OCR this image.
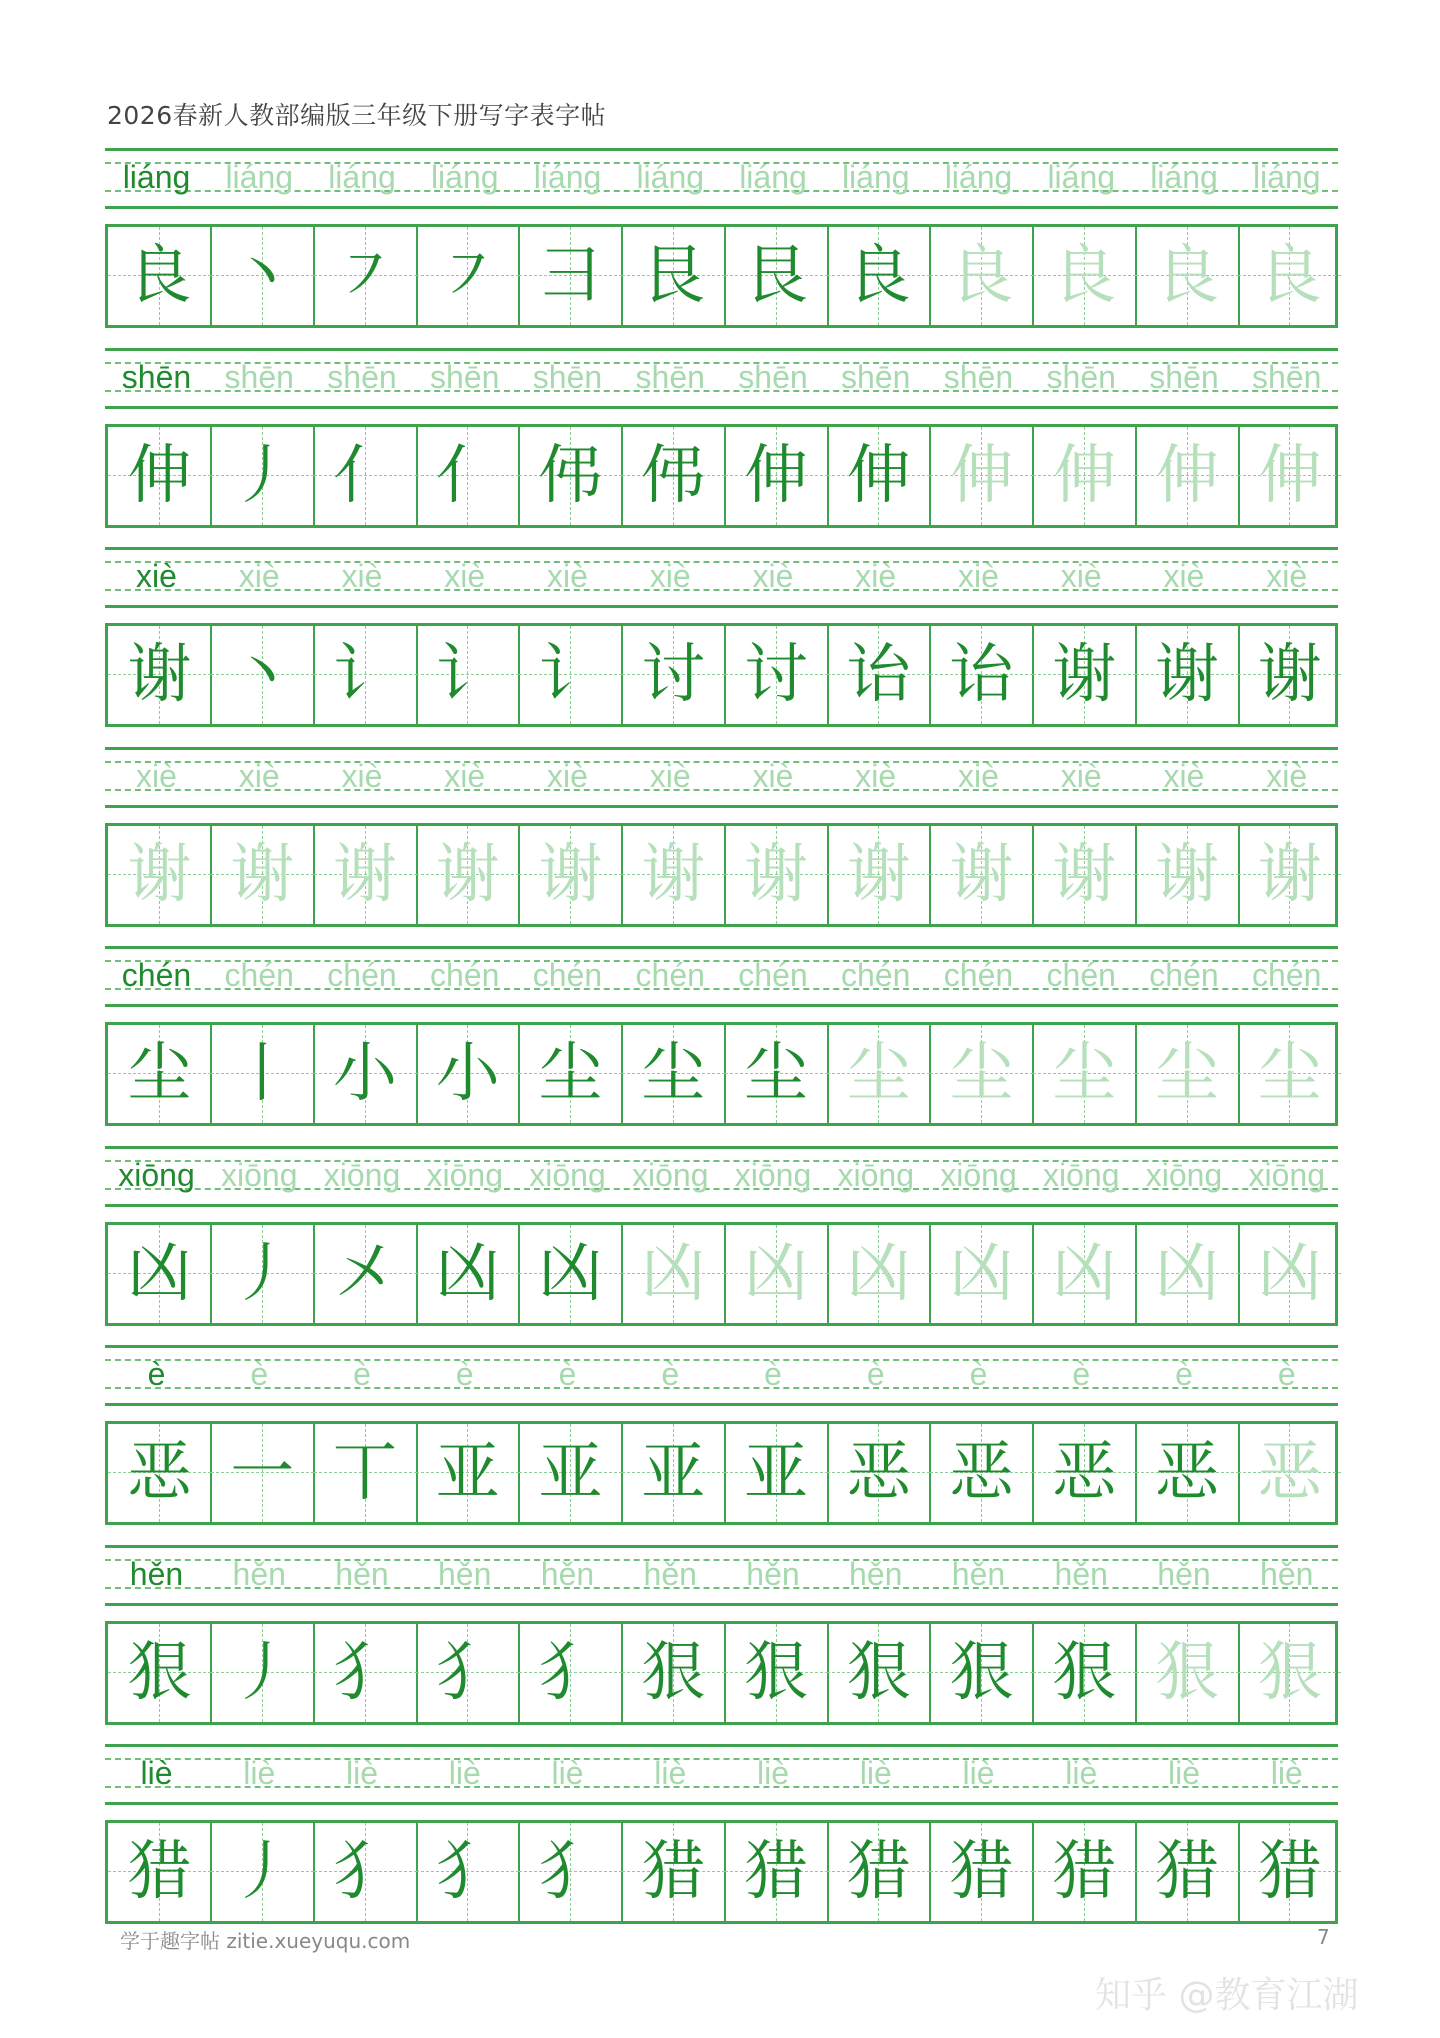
2026春新人教部编版三年级下册写字表字帖
liáng	liáng	liáng	liáng	liáng	liáng	liáng	liáng	liáng	liáng	liáng	liáng
良 丶 ㇇ ㇇ 彐 艮 艮 良 良 良 良 良
shēn	shēn	shēn	shēn	shēn	shēn	shēn	shēn	shēn	shēn	shēn	shēn
伸 丿 亻 亻 伄 伄 伸 伸 伸 伸 伸 伸
xiè	xiè	xiè	xiè	xiè	xiè	xiè	xiè	xiè	xiè	xiè	xiè
谢 丶 讠 讠 讠 讨 讨 诒 诒 谢 谢 谢
xiè	xiè	xiè	xiè	xiè	xiè	xiè	xiè	xiè	xiè	xiè	xiè
谢 谢 谢 谢 谢 谢 谢 谢 谢 谢 谢 谢
chén	chén	chén	chén	chén	chén	chén	chén	chén	chén	chén	chén
尘 丨 小 小 尘 尘 尘 尘 尘 尘 尘 尘
xiōng xiōng xiōng xiōng xiōng xiōng xiōng xiōng xiōng xiōng xiōng xiōng
凶 丿 㐅 凶 凶 凶 凶 凶 凶 凶 凶 凶
è	è	è	è	è	è	è	è	è	è	è	è
恶 一 丅 亚 亚 亚 亚 恶 恶 恶 恶 恶
hěn	hěn	hěn	hěn	hěn	hěn	hěn	hěn	hěn	hěn	hěn	hěn
狠 丿 犭 犭 犭 狠 狠 狠 狠 狠 狠 狠
liè	liè	liè	liè	liè	liè	liè	liè	liè	liè	liè	liè
猎 丿 犭 犭 犭 猎 猎 猎 猎 猎 猎 猎
学于趣字帖 zitie.xueyuqu.com	7
知乎 @教育江湖
